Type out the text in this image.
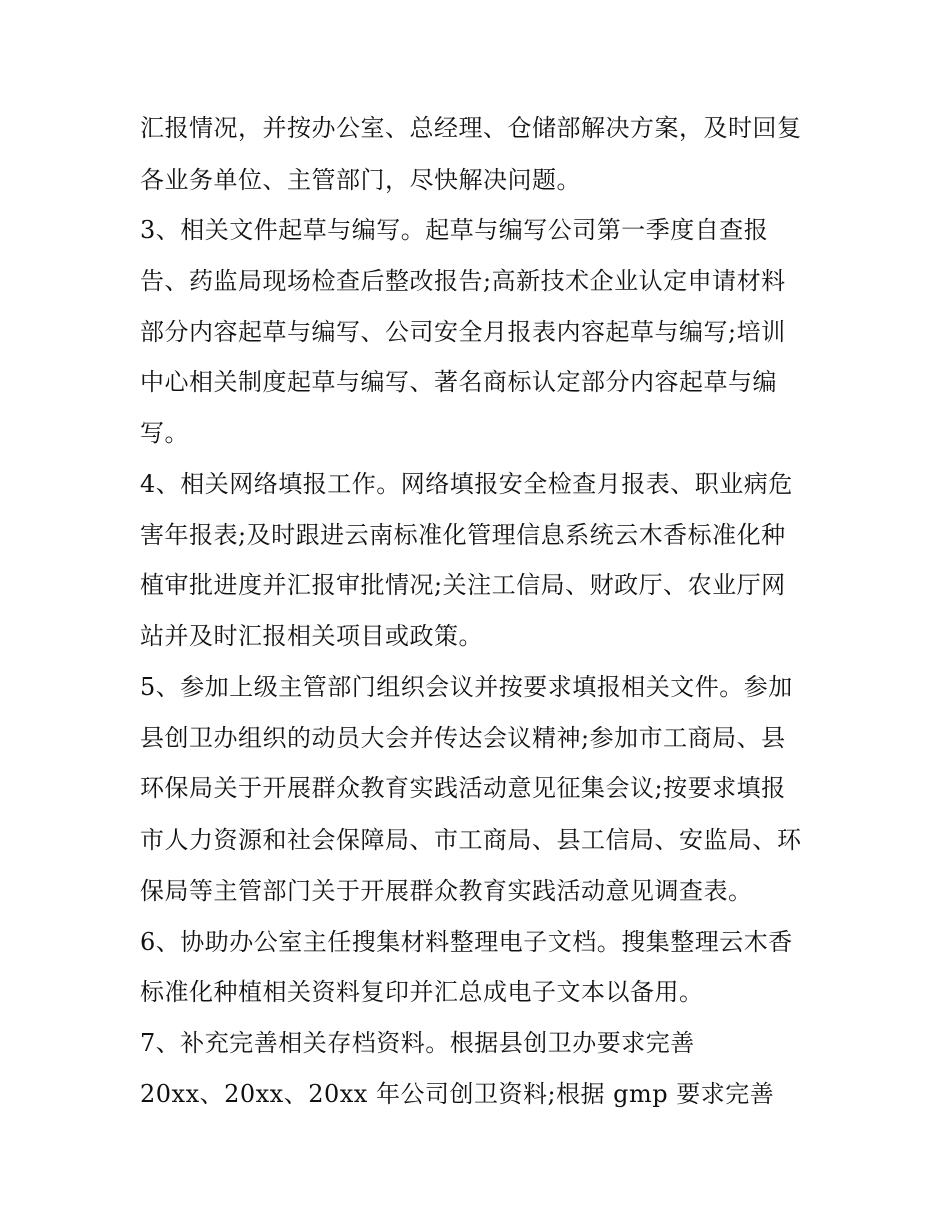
汇报情况，并按办公室、总经理、仓储部解决方案，及时回复
各业务单位、主管部门，尽快解决问题。
3、相关文件起草与编写。起草与编写公司第一季度自查报
告、药监局现场检查后整改报告;高新技术企业认定申请材料
部分内容起草与编写、公司安全月报表内容起草与编写;培训
中心相关制度起草与编写、著名商标认定部分内容起草与编
写。
4、相关网络填报工作。网络填报安全检查月报表、职业病危
害年报表;及时跟进云南标准化管理信息系统云木香标准化种
植审批进度并汇报审批情况;关注工信局、财政厅、农业厅网
站并及时汇报相关项目或政策。
5、参加上级主管部门组织会议并按要求填报相关文件。参加
县创卫办组织的动员大会并传达会议精神;参加市工商局、县
环保局关于开展群众教育实践活动意见征集会议;按要求填报
市人力资源和社会保障局、市工商局、县工信局、安监局、环
保局等主管部门关于开展群众教育实践活动意见调查表。
6、协助办公室主任搜集材料整理电子文档。搜集整理云木香
标准化种植相关资料复印并汇总成电子文本以备用。
7、补充完善相关存档资料。根据县创卫办要求完善
20xx、20xx、20xx 年公司创卫资料;根据 gmp 要求完善
